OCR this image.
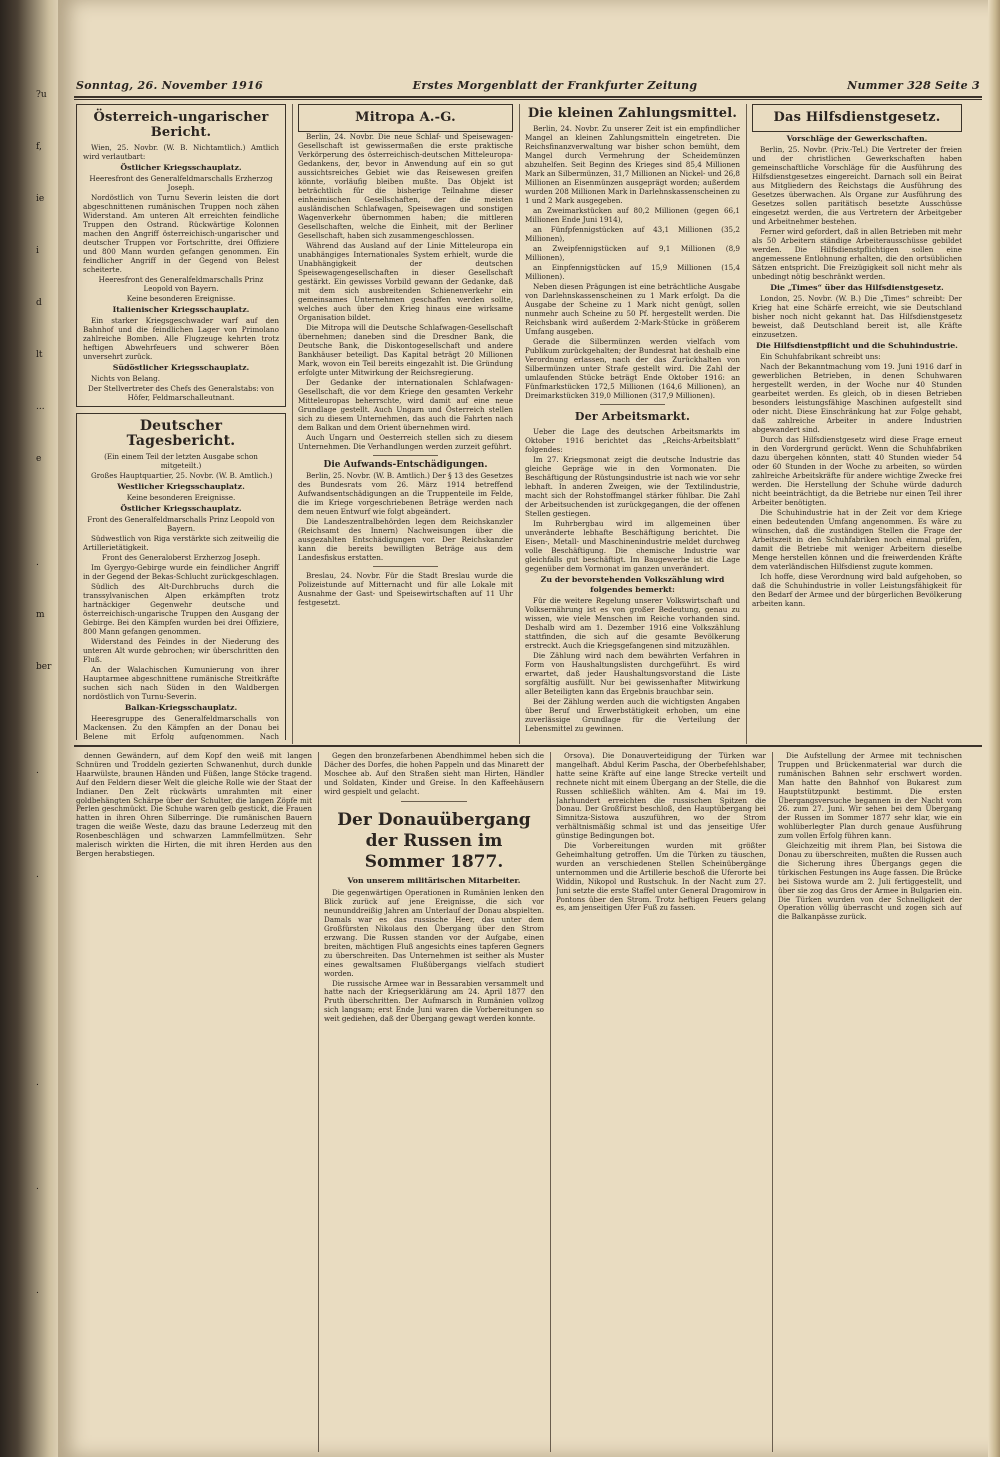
?u
f,
ie
i
d
lt
...
e
.
m
ber
.
.
.
.
.
Sonntag, 26. November 1916	Erstes Morgenblatt der Frankfurter Zeitung	Nummer 328 Seite 3
Österreich-ungarischer Bericht.

Wien, 25. Novbr. (W. B. Nichtamtlich.) Amtlich wird verlautbart:

Östlicher Kriegsschauplatz.

Heeresfront des Generalfeldmarschalls Erzherzog Joseph.

Nordöstlich von Turnu Severin leisten die dort abgeschnittenen rumänischen Truppen noch zähen Widerstand. Am unteren Alt erreichten feindliche Truppen den Ostrand. Rückwärtige Kolonnen machen den Angriff österreichisch-ungarischer und deutscher Truppen vor Fortschritte, drei Offiziere und 800 Mann wurden gefangen genommen. Ein feindlicher Angriff in der Gegend von Belest scheiterte.

Heeresfront des Generalfeldmarschalls Prinz Leopold von Bayern.

Keine besonderen Ereignisse.

Italienischer Kriegsschauplatz.

Ein starker Kriegsgeschwader warf auf den Bahnhof und die feindlichen Lager von Primolano zahlreiche Bomben. Alle Flugzeuge kehrten trotz heftigen Abwehrfeuers und schwerer Böen unversehrt zurück.

Südöstlicher Kriegsschauplatz.

Nichts von Belang.

Der Stellvertreter des Chefs des Generalstabs: von Höfer, Feldmarschalleutnant.

Deutscher Tagesbericht.

(Ein einem Teil der letzten Ausgabe schon mitgeteilt.)

Großes Hauptquartier, 25. Novbr. (W. B. Amtlich.)

Westlicher Kriegsschauplatz.

Keine besonderen Ereignisse.

Östlicher Kriegsschauplatz.

Front des Generalfeldmarschalls Prinz Leopold von Bayern.

Südwestlich von Riga verstärkte sich zeitweilig die Artillerietätigkeit.

Front des Generaloberst Erzherzog Joseph.

Im Gyergyo-Gebirge wurde ein feindlicher Angriff in der Gegend der Bekas-Schlucht zurückgeschlagen.

Südlich des Alt-Durchbruchs durch die transsylvanischen Alpen erkämpften trotz hartnäckiger Gegenwehr deutsche und österreichisch-ungarische Truppen den Ausgang der Gebirge. Bei den Kämpfen wurden bei drei Offiziere, 800 Mann gefangen genommen.

Widerstand des Feindes in der Niederung des unteren Alt wurde gebrochen; wir überschritten den Fluß.

An der Walachischen Kumunierung von ihrer Hauptarmee abgeschnittene rumänische Streitkräfte suchen sich nach Süden in den Waldbergen nordöstlich von Turnu-Severin.

Balkan-Kriegsschauplatz.

Heeresgruppe des Generalfeldmarschalls von Mackensen. Zu den Kämpfen an der Donau bei Belene mit Erfolg aufgenommen. Nach

Mitropa A.-G.

Berlin, 24. Novbr. Die neue Schlaf- und Speisewagen-Gesellschaft ist gewissermaßen die erste praktische Verkörperung des österreichisch-deutschen Mitteleuropa-Gedankens, der, bevor in Anwendung auf ein so gut aussichtsreiches Gebiet wie das Reisewesen greifen könnte, vorläufig bleiben mußte. Das Objekt ist beträchtlich für die bisherige Teilnahme dieser einheimischen Gesellschaften, der die meisten ausländischen Schlafwagen, Speisewagen und sonstigen Wagenverkehr übernommen haben; die mittleren Gesellschaften, welche die Einheit, mit der Berliner Gesellschaft, haben sich zusammengeschlossen.

Während das Ausland auf der Linie Mitteleuropa ein unabhängiges Internationales System erhielt, wurde die Unabhängigkeit der deutschen Speisewagengesellschaften in dieser Gesellschaft gestärkt. Ein gewisses Vorbild gewann der Gedanke, daß mit dem sich ausbreitenden Schienenverkehr ein gemeinsames Unternehmen geschaffen werden sollte, welches auch über den Krieg hinaus eine wirksame Organisation bildet.

Die Mitropa will die Deutsche Schlafwagen-Gesellschaft übernehmen; daneben sind die Dresdner Bank, die Deutsche Bank, die Diskontogesellschaft und andere Bankhäuser beteiligt. Das Kapital beträgt 20 Millionen Mark, wovon ein Teil bereits eingezahlt ist. Die Gründung erfolgte unter Mitwirkung der Reichsregierung.

Der Gedanke der internationalen Schlafwagen-Gesellschaft, die vor dem Kriege den gesamten Verkehr Mitteleuropas beherrschte, wird damit auf eine neue Grundlage gestellt. Auch Ungarn und Österreich stellen sich zu diesem Unternehmen, das auch die Fahrten nach dem Balkan und dem Orient übernehmen wird.

Auch Ungarn und Oesterreich stellen sich zu diesem Unternehmen. Die Verhandlungen werden zurzeit geführt.

Die Aufwands-Entschädigungen.

Berlin, 25. Novbr. (W. B. Amtlich.) Der § 13 des Gesetzes des Bundesrats vom 26. März 1914 betreffend Aufwandsentschädigungen an die Truppenteile im Felde, die im Kriege vorgeschriebenen Beträge werden nach dem neuen Entwurf wie folgt abgeändert.

Die Landeszentralbehörden legen dem Reichskanzler (Reichsamt des Innern) Nachweisungen über die ausgezahlten Entschädigungen vor. Der Reichskanzler kann die bereits bewilligten Beträge aus dem Landesfiskus erstatten.

Breslau, 24. Novbr. Für die Stadt Breslau wurde die Polizeistunde auf Mitternacht und für alle Lokale mit Ausnahme der Gast- und Speisewirtschaften auf 11 Uhr festgesetzt.

Die kleinen Zahlungsmittel.

Berlin, 24. Novbr. Zu unserer Zeit ist ein empfindlicher Mangel an kleinen Zahlungsmitteln eingetreten. Die Reichsfinanzverwaltung war bisher schon bemüht, dem Mangel durch Vermehrung der Scheidemünzen abzuhelfen. Seit Beginn des Krieges sind 85,4 Millionen Mark an Silbermünzen, 31,7 Millionen an Nickel- und 26,8 Millionen an Eisenmünzen ausgeprägt worden; außerdem wurden 208 Millionen Mark in Darlehnskassenscheinen zu 1 und 2 Mark ausgegeben.

an Zweimarkstücken auf 80,2 Millionen (gegen 66,1 Millionen Ende Juni 1914),

an Fünfpfennigstücken auf 43,1 Millionen (35,2 Millionen),

an Zweipfennigstücken auf 9,1 Millionen (8,9 Millionen),

an Einpfennigstücken auf 15,9 Millionen (15,4 Millionen).

Neben diesen Prägungen ist eine beträchtliche Ausgabe von Darlehnskassenscheinen zu 1 Mark erfolgt. Da die Ausgabe der Scheine zu 1 Mark nicht genügt, sollen nunmehr auch Scheine zu 50 Pf. hergestellt werden. Die Reichsbank wird außerdem 2-Mark-Stücke in größerem Umfang ausgeben.

Gerade die Silbermünzen werden vielfach vom Publikum zurückgehalten; der Bundesrat hat deshalb eine Verordnung erlassen, nach der das Zurückhalten von Silbermünzen unter Strafe gestellt wird. Die Zahl der umlaufenden Stücke beträgt Ende Oktober 1916: an Fünfmarkstücken 172,5 Millionen (164,6 Millionen), an Dreimarkstücken 319,0 Millionen (317,9 Millionen).

Der Arbeitsmarkt.

Ueber die Lage des deutschen Arbeitsmarkts im Oktober 1916 berichtet das „Reichs-Arbeitsblatt“ folgendes:

Im 27. Kriegsmonat zeigt die deutsche Industrie das gleiche Gepräge wie in den Vormonaten. Die Beschäftigung der Rüstungsindustrie ist nach wie vor sehr lebhaft. In anderen Zweigen, wie der Textilindustrie, macht sich der Rohstoffmangel stärker fühlbar. Die Zahl der Arbeitsuchenden ist zurückgegangen, die der offenen Stellen gestiegen.

Im Ruhrbergbau wird im allgemeinen über unveränderte lebhafte Beschäftigung berichtet. Die Eisen-, Metall- und Maschinenindustrie meldet durchweg volle Beschäftigung. Die chemische Industrie war gleichfalls gut beschäftigt. Im Baugewerbe ist die Lage gegenüber dem Vormonat im ganzen unverändert.

Zu der bevorstehenden Volkszählung wird folgendes bemerkt:

Für die weitere Regelung unserer Volkswirtschaft und Volksernährung ist es von großer Bedeutung, genau zu wissen, wie viele Menschen im Reiche vorhanden sind. Deshalb wird am 1. Dezember 1916 eine Volkszählung stattfinden, die sich auf die gesamte Bevölkerung erstreckt. Auch die Kriegsgefangenen sind mitzuzählen.

Die Zählung wird nach dem bewährten Verfahren in Form von Haushaltungslisten durchgeführt. Es wird erwartet, daß jeder Haushaltungsvorstand die Liste sorgfältig ausfüllt. Nur bei gewissenhafter Mitwirkung aller Beteiligten kann das Ergebnis brauchbar sein.

Bei der Zählung werden auch die wichtigsten Angaben über Beruf und Erwerbstätigkeit erhoben, um eine zuverlässige Grundlage für die Verteilung der Lebensmittel zu gewinnen.

Das Hilfsdienstgesetz.
Vorschläge der Gewerkschaften.

Berlin, 25. Novbr. (Priv.-Tel.) Die Vertreter der freien und der christlichen Gewerkschaften haben gemeinschaftliche Vorschläge für die Ausführung des Hilfsdienstgesetzes eingereicht. Darnach soll ein Beirat aus Mitgliedern des Reichstags die Ausführung des Gesetzes überwachen. Als Organe zur Ausführung des Gesetzes sollen paritätisch besetzte Ausschüsse eingesetzt werden, die aus Vertretern der Arbeitgeber und Arbeitnehmer bestehen.

Ferner wird gefordert, daß in allen Betrieben mit mehr als 50 Arbeitern ständige Arbeiterausschüsse gebildet werden. Die Hilfsdienstpflichtigen sollen eine angemessene Entlohnung erhalten, die den ortsüblichen Sätzen entspricht. Die Freizügigkeit soll nicht mehr als unbedingt nötig beschränkt werden.

Die „Times“ über das Hilfsdienstgesetz.

London, 25. Novbr. (W. B.) Die „Times“ schreibt: Der Krieg hat eine Schärfe erreicht, wie sie Deutschland bisher noch nicht gekannt hat. Das Hilfsdienstgesetz beweist, daß Deutschland bereit ist, alle Kräfte einzusetzen.

Die Hilfsdienstpflicht und die Schuhindustrie.

Ein Schuhfabrikant schreibt uns:

Nach der Bekanntmachung vom 19. Juni 1916 darf in gewerblichen Betrieben, in denen Schuhwaren hergestellt werden, in der Woche nur 40 Stunden gearbeitet werden. Es gleich, ob in diesen Betrieben besonders leistungsfähige Maschinen aufgestellt sind oder nicht. Diese Einschränkung hat zur Folge gehabt, daß zahlreiche Arbeiter in andere Industrien abgewandert sind.

Durch das Hilfsdienstgesetz wird diese Frage erneut in den Vordergrund gerückt. Wenn die Schuhfabriken dazu übergehen könnten, statt 40 Stunden wieder 54 oder 60 Stunden in der Woche zu arbeiten, so würden zahlreiche Arbeitskräfte für andere wichtige Zwecke frei werden. Die Herstellung der Schuhe würde dadurch nicht beeinträchtigt, da die Betriebe nur einen Teil ihrer Arbeiter benötigten.

Die Schuhindustrie hat in der Zeit vor dem Kriege einen bedeutenden Umfang angenommen. Es wäre zu wünschen, daß die zuständigen Stellen die Frage der Arbeitszeit in den Schuhfabriken noch einmal prüfen, damit die Betriebe mit weniger Arbeitern dieselbe Menge herstellen können und die freiwerdenden Kräfte dem vaterländischen Hilfsdienst zugute kommen.

Ich hoffe, diese Verordnung wird bald aufgehoben, so daß die Schuhindustrie in voller Leistungsfähigkeit für den Bedarf der Armee und der bürgerlichen Bevölkerung arbeiten kann.

dennen Gewändern, auf dem Kopf den weiß mit langen Schnüren und Troddeln gezierten Schwanenhut, durch dunkle Haarwülste, braunen Händen und Füßen, lange Stöcke tragend. Auf den Feldern dieser Welt die gleiche Rolle wie der Staat der Indianer. Den Zelt rückwärts umrahmten mit einer goldbehängten Schärpe über der Schulter, die langen Zöpfe mit Perlen geschmückt. Die Schuhe waren gelb gestickt, die Frauen hatten in ihren Ohren Silberringe. Die rumänischen Bauern tragen die weiße Weste, dazu das braune Lederzeug mit den Rosenbeschlägen und schwarzen Lammfellmützen. Sehr malerisch wirkten die Hirten, die mit ihren Herden aus den Bergen herabstiegen.

Gegen den bronzefarbenen Abendhimmel heben sich die Dächer des Dorfes, die hohen Pappeln und das Minarett der Moschee ab. Auf den Straßen sieht man Hirten, Händler und Soldaten, Kinder und Greise. In den Kaffeehäusern wird gespielt und gelacht.

Der Donauübergang der Russen im Sommer 1877.
Von unserem militärischen Mitarbeiter.

Die gegenwärtigen Operationen in Rumänien lenken den Blick zurück auf jene Ereignisse, die sich vor neununddreißig Jahren am Unterlauf der Donau abspielten. Damals war es das russische Heer, das unter dem Großfürsten Nikolaus den Übergang über den Strom erzwang. Die Russen standen vor der Aufgabe, einen breiten, mächtigen Fluß angesichts eines tapferen Gegners zu überschreiten. Das Unternehmen ist seither als Muster eines gewaltsamen Flußübergangs vielfach studiert worden.

Die russische Armee war in Bessarabien versammelt und hatte nach der Kriegserklärung am 24. April 1877 den Pruth überschritten. Der Aufmarsch in Rumänien vollzog sich langsam; erst Ende Juni waren die Vorbereitungen so weit gediehen, daß der Übergang gewagt werden konnte.

Orsova). Die Donauverteidigung der Türken war mangelhaft. Abdul Kerim Pascha, der Oberbefehlshaber, hatte seine Kräfte auf eine lange Strecke verteilt und rechnete nicht mit einem Übergang an der Stelle, die die Russen schließlich wählten. Am 4. Mai im 19. Jahrhundert erreichten die russischen Spitzen die Donau. Der Großfürst beschloß, den Hauptübergang bei Simnitza-Sistowa auszuführen, wo der Strom verhältnismäßig schmal ist und das jenseitige Ufer günstige Bedingungen bot.

Die Vorbereitungen wurden mit größter Geheimhaltung getroffen. Um die Türken zu täuschen, wurden an verschiedenen Stellen Scheinübergänge unternommen und die Artillerie beschoß die Uferorte bei Widdin, Nikopol und Rustschuk. In der Nacht zum 27. Juni setzte die erste Staffel unter General Dragomirow in Pontons über den Strom. Trotz heftigen Feuers gelang es, am jenseitigen Ufer Fuß zu fassen.

Die Aufstellung der Armee mit technischen Truppen und Brückenmaterial war durch die rumänischen Bahnen sehr erschwert worden. Man hatte den Bahnhof von Bukarest zum Hauptstützpunkt bestimmt. Die ersten Übergangsversuche begannen in der Nacht vom 26. zum 27. Juni. Wir sehen bei dem Übergang der Russen im Sommer 1877 sehr klar, wie ein wohlüberlegter Plan durch genaue Ausführung zum vollen Erfolg führen kann.

Gleichzeitig mit ihrem Plan, bei Sistowa die Donau zu überschreiten, mußten die Russen auch die Sicherung ihres Übergangs gegen die türkischen Festungen ins Auge fassen. Die Brücke bei Sistowa wurde am 2. Juli fertiggestellt, und über sie zog das Gros der Armee in Bulgarien ein. Die Türken wurden von der Schnelligkeit der Operation völlig überrascht und zogen sich auf die Balkanpässe zurück.
